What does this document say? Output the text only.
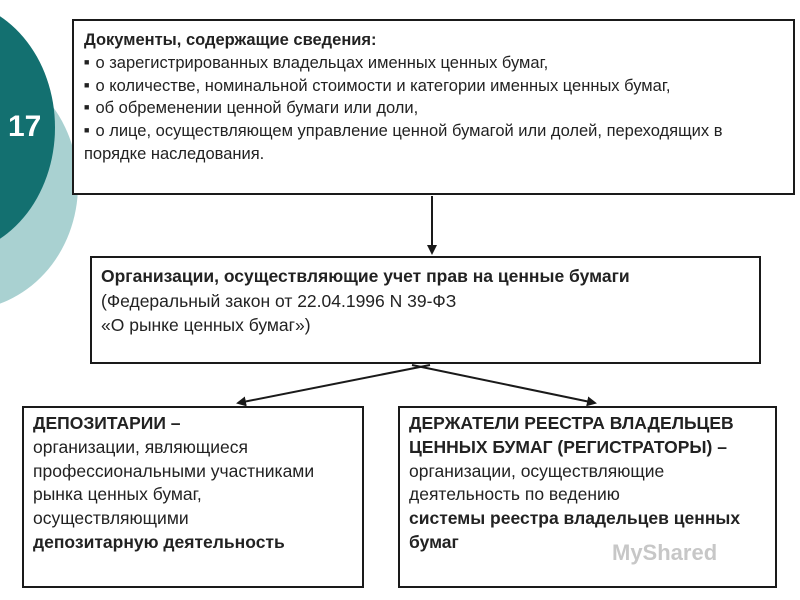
17
Документы, содержащие сведения:
■ о зарегистрированных владельцах именных ценных бумаг,
■ о количестве, номинальной стоимости и категории именных ценных бумаг,
■ об обременении ценной бумаги или доли,
■ о лице, осуществляющем управление ценной бумагой или долей, переходящих в порядке наследования.
Организации, осуществляющие учет прав на ценные бумаги
(Федеральный закон от 22.04.1996 N 39-ФЗ
«О рынке ценных бумаг»)
ДЕПОЗИТАРИИ –
организации, являющиеся профессиональными участниками рынка ценных бумаг, осуществляющими
депозитарную деятельность
ДЕРЖАТЕЛИ РЕЕСТРА ВЛАДЕЛЬЦЕВ ЦЕННЫХ БУМАГ (РЕГИСТРАТОРЫ) –
организации, осуществляющие деятельность по ведению
системы реестра владельцев ценных бумаг	MyShared
